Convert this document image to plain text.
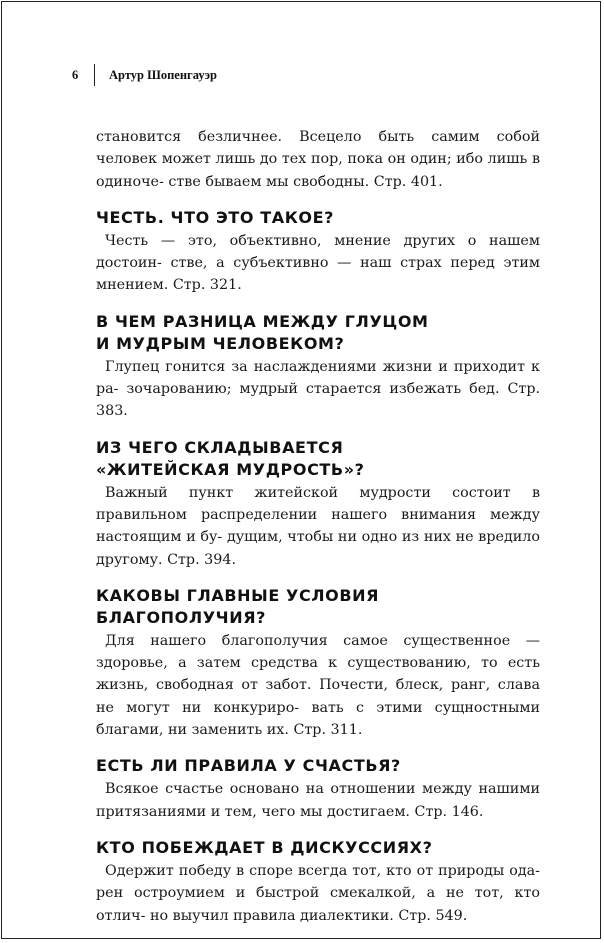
6	Артур Шопенгауэр

становится безличнее. Всецело быть самим собой человек может лишь до тех пор, пока он один; ибо лишь в одиноче- стве бываем мы свободны. Стр. 401.

ЧЕСТЬ. ЧТО ЭТО ТАКОЕ?

Честь — это, объективно, мнение других о нашем достоин- стве, а субъективно — наш страх перед этим мнением. Стр. 321.

В ЧЕМ РАЗНИЦА МЕЖДУ ГЛУЦОМ
И МУДРЫМ ЧЕЛОВЕКОМ?

Глупец гонится за наслаждениями жизни и приходит к ра- зочарованию; мудрый старается избежать бед. Стр. 383.

ИЗ ЧЕГО СКЛАДЫВАЕТСЯ
«ЖИТЕЙСКАЯ МУДРОСТЬ»?

Важный пункт житейской мудрости состоит в правильном распределении нашего внимания между настоящим и бу- дущим, чтобы ни одно из них не вредило другому. Стр. 394.

КАКОВЫ ГЛАВНЫЕ УСЛОВИЯ БЛАГОПОЛУЧИЯ?

Для нашего благополучия самое существенное — здоровье, а затем средства к существованию, то есть жизнь, свободная от забот. Почести, блеск, ранг, слава не могут ни конкуриро- вать с этими сущностными благами, ни заменить их. Стр. 311.

ЕСТЬ ЛИ ПРАВИЛА У СЧАСТЬЯ?

Всякое счастье основано на отношении между нашими притязаниями и тем, чего мы достигаем. Стр. 146.

КТО ПОБЕЖДАЕТ В ДИСКУССИЯХ?

Одержит победу в споре всегда тот, кто от природы ода- рен остроумием и быстрой смекалкой, а не тот, кто отлич- но выучил правила диалектики. Стр. 549.
